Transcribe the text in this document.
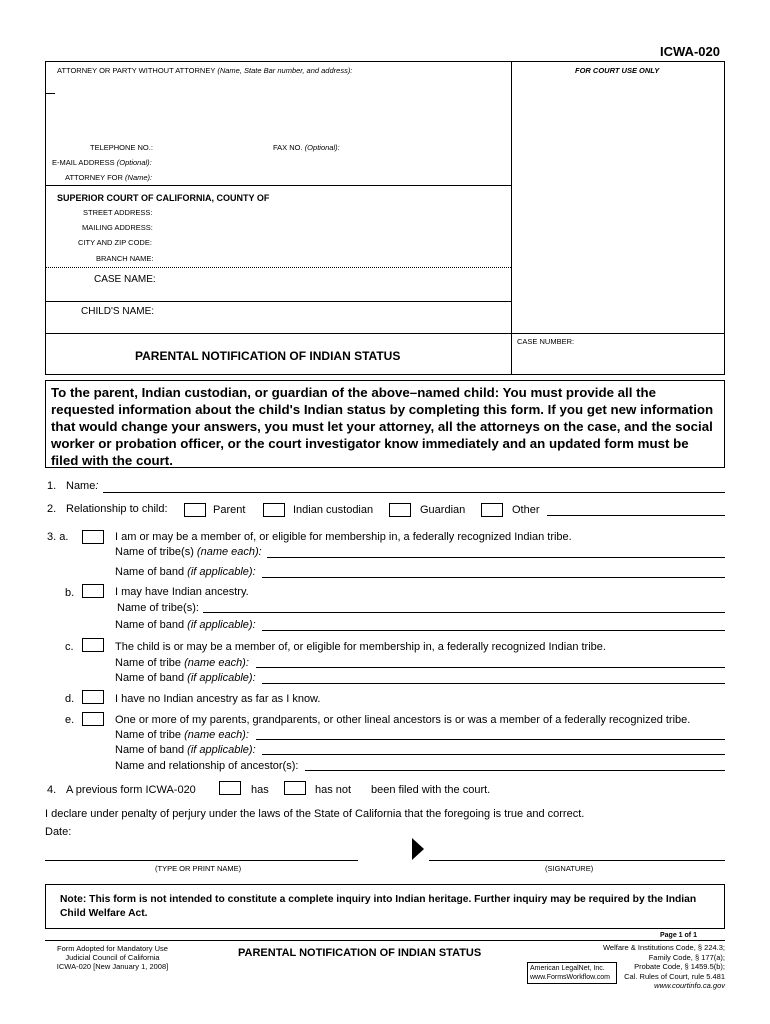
ICWA-020
ATTORNEY OR PARTY WITHOUT ATTORNEY (Name, State Bar number, and address):	FOR COURT USE ONLY
TELEPHONE NO.:	FAX NO. (Optional):
E-MAIL ADDRESS (Optional):
ATTORNEY FOR (Name):
SUPERIOR COURT OF CALIFORNIA, COUNTY OF
STREET ADDRESS:
MAILING ADDRESS:
CITY AND ZIP CODE:
BRANCH NAME:
CASE NAME:
CHILD'S NAME:
CASE NUMBER:
PARENTAL NOTIFICATION OF INDIAN STATUS
To the parent, Indian custodian, or guardian of the above–named child: You must provide all the requested information about the child's Indian status by completing this form. If you get new information that would change your answers, you must let your attorney, all the attorneys on the case, and the social worker or probation officer, or the court investigator know immediately and an updated form must be filed with the court.
1. Name:
2. Relationship to child:	Parent	Indian custodian	Guardian	Other
3. a.	I am or may be a member of, or eligible for membership in, a federally recognized Indian tribe.
Name of tribe(s) (name each):
Name of band (if applicable):
b.	I may have Indian ancestry.
Name of tribe(s):
Name of band (if applicable):
c.	The child is or may be a member of, or eligible for membership in, a federally recognized Indian tribe.
Name of tribe (name each):
Name of band (if applicable):
d.	I have no Indian ancestry as far as I know.
e.	One or more of my parents, grandparents, or other lineal ancestors is or was a member of a federally recognized tribe.
Name of tribe (name each):
Name of band (if applicable):
Name and relationship of ancestor(s):
4. A previous form ICWA-020	has	has not been filed with the court.
I declare under penalty of perjury under the laws of the State of California that the foregoing is true and correct.
Date:
(TYPE OR PRINT NAME)	(SIGNATURE)
Note: This form is not intended to constitute a complete inquiry into Indian heritage. Further inquiry may be required by the Indian Child Welfare Act.
Page 1 of 1
Form Adopted for Mandatory Use
Judicial Council of California
ICWA-020 [New January 1, 2008]
PARENTAL NOTIFICATION OF INDIAN STATUS
American LegalNet, Inc.
www.FormsWorkflow.com
Welfare & Institutions Code, § 224.3;
Family Code, § 177(a);
Probate Code, § 1459.5(b);
Cal. Rules of Court, rule 5.481
www.courtinfo.ca.gov
